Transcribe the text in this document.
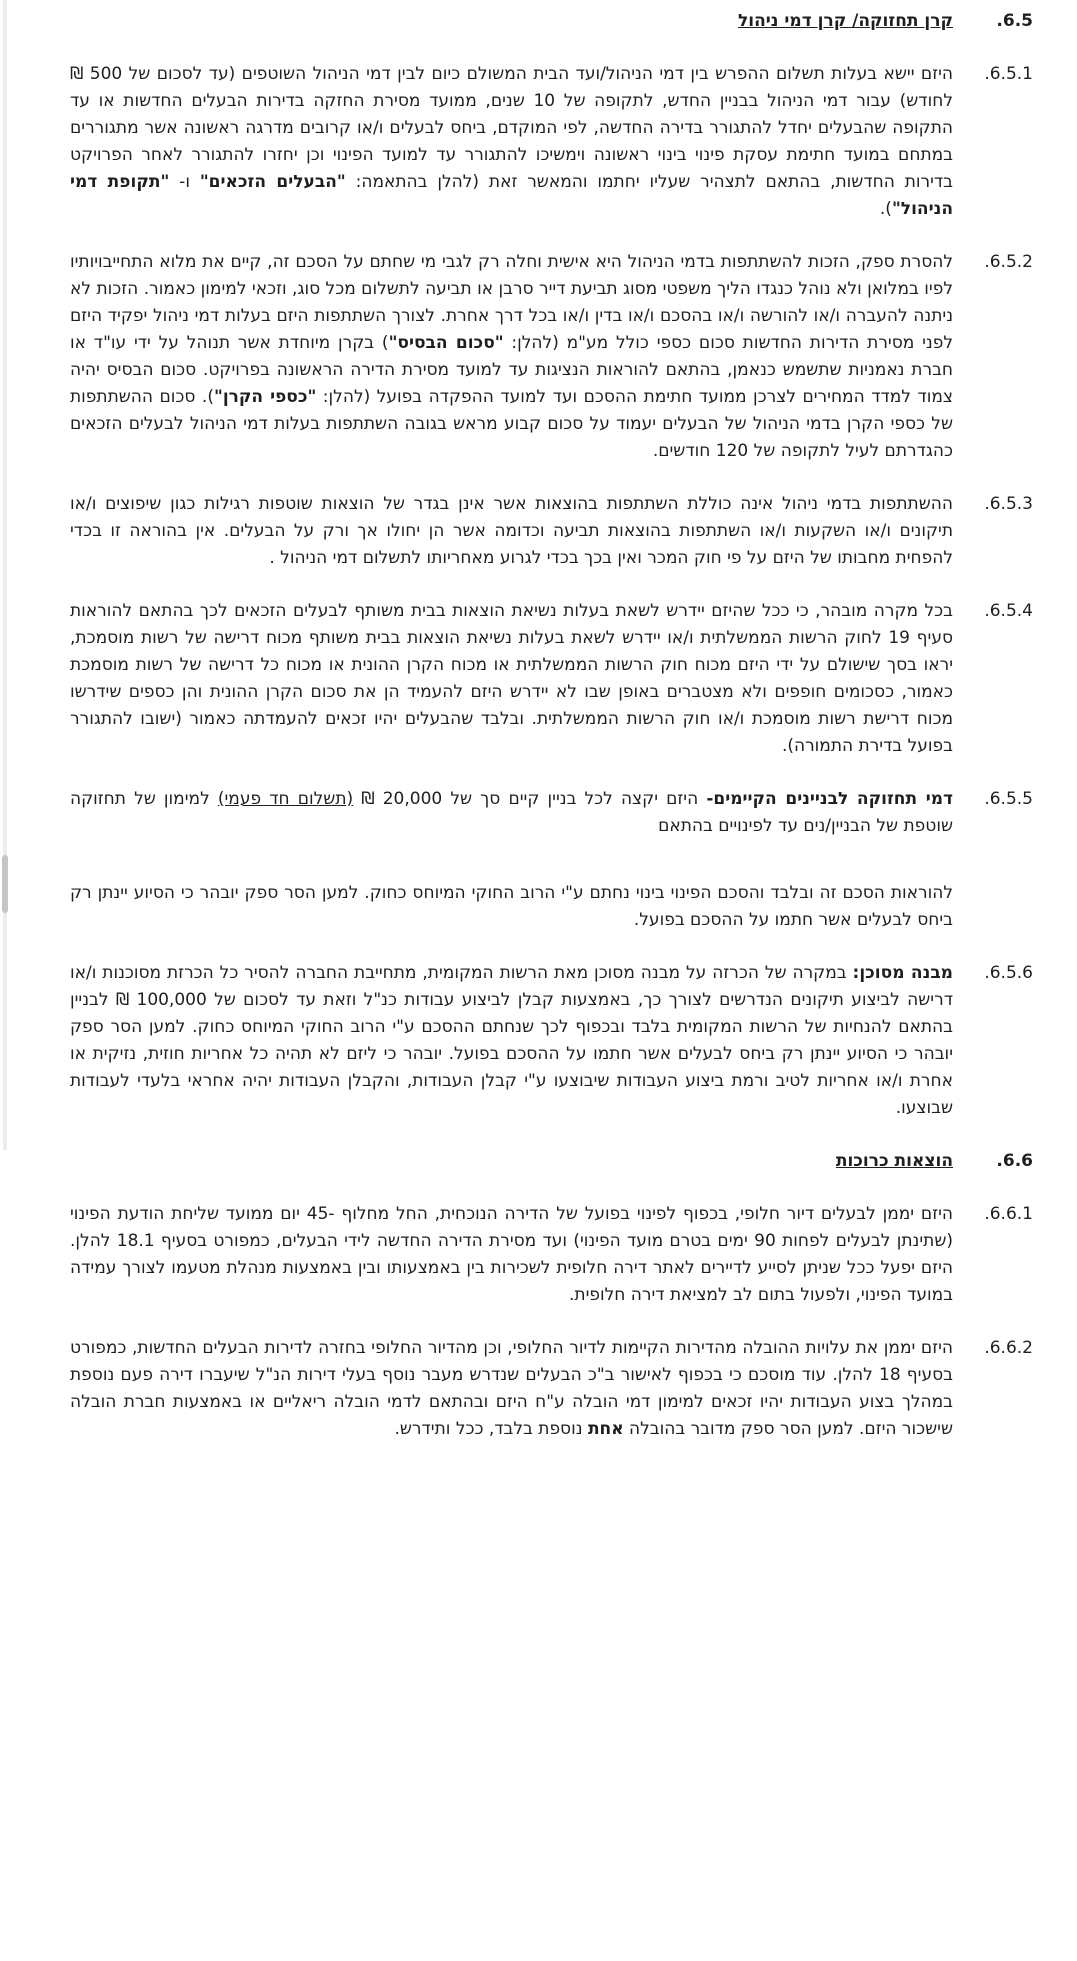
6.5.
קרן תחזוקה/ קרן דמי ניהול
6.5.1.
היזם יישא בעלות תשלום ההפרש בין דמי הניהול/ועד הבית המשולם כיום לבין דמי הניהול השוטפים (עד לסכום של 500 ₪ לחודש) עבור דמי הניהול בבניין החדש, לתקופה של 10 שנים, ממועד מסירת החזקה בדירות הבעלים החדשות או עד התקופה שהבעלים יחדל להתגורר בדירה החדשה, לפי המוקדם, ביחס לבעלים ו/או קרובים מדרגה ראשונה אשר מתגוררים במתחם במועד חתימת עסקת פינוי בינוי ראשונה וימשיכו להתגורר עד למועד הפינוי וכן יחזרו להתגורר לאחר הפרויקט בדירות החדשות, בהתאם לתצהיר שעליו יחתמו והמאשר זאת (להלן בהתאמה: "הבעלים הזכאים" ו- "תקופת דמי הניהול").
6.5.2.
להסרת ספק, הזכות להשתתפות בדמי הניהול היא אישית וחלה רק לגבי מי שחתם על הסכם זה, קיים את מלוא התחייבויותיו לפיו במלואן ולא נוהל כנגדו הליך משפטי מסוג תביעת דייר סרבן או תביעה לתשלום מכל סוג, וזכאי למימון כאמור. הזכות לא ניתנה להעברה ו/או להורשה ו/או בהסכם ו/או בדין ו/או בכל דרך אחרת. לצורך השתתפות היזם בעלות דמי ניהול יפקיד היזם לפני מסירת הדירות החדשות סכום כספי כולל מע"מ (להלן: "סכום הבסיס") בקרן מיוחדת אשר תנוהל על ידי עו"ד או חברת נאמניות שתשמש כנאמן, בהתאם להוראות הנציגות עד למועד מסירת הדירה הראשונה בפרויקט. סכום הבסיס יהיה צמוד למדד המחירים לצרכן ממועד חתימת ההסכם ועד למועד ההפקדה בפועל (להלן: "כספי הקרן"). סכום ההשתתפות של כספי הקרן בדמי הניהול של הבעלים יעמוד על סכום קבוע מראש בגובה השתתפות בעלות דמי הניהול לבעלים הזכאים כהגדרתם לעיל לתקופה של 120 חודשים.
6.5.3.
ההשתתפות בדמי ניהול אינה כוללת השתתפות בהוצאות אשר אינן בגדר של הוצאות שוטפות רגילות כגון שיפוצים ו/או תיקונים ו/או השקעות ו/או השתתפות בהוצאות תביעה וכדומה אשר הן יחולו אך ורק על הבעלים. אין בהוראה זו בכדי להפחית מחבותו של היזם על פי חוק המכר ואין בכך בכדי לגרוע מאחריותו לתשלום דמי הניהול .
6.5.4.
בכל מקרה מובהר, כי ככל שהיזם יידרש לשאת בעלות נשיאת הוצאות בבית משותף לבעלים הזכאים לכך בהתאם להוראות סעיף 19 לחוק הרשות הממשלתית ו/או יידרש לשאת בעלות נשיאת הוצאות בבית משותף מכוח דרישה של רשות מוסמכת, יראו בסך שישולם על ידי היזם מכוח חוק הרשות הממשלתית או מכוח הקרן ההונית או מכוח כל דרישה של רשות מוסמכת כאמור, כסכומים חופפים ולא מצטברים באופן שבו לא יידרש היזם להעמיד הן את סכום הקרן ההונית והן כספים שידרשו מכוח דרישת רשות מוסמכת ו/או חוק הרשות הממשלתית. ובלבד שהבעלים יהיו זכאים להעמדתה כאמור (ישובו להתגורר בפועל בדירת התמורה).
6.5.5.
דמי תחזוקה לבניינים הקיימים- היזם יקצה לכל בניין קיים סך של 20,000 ₪ (תשלום חד פעמי) למימון של תחזוקה שוטפת של הבניין/נים עד לפינויים בהתאם
להוראות הסכם זה ובלבד והסכם הפינוי בינוי נחתם ע"י הרוב החוקי המיוחס כחוק. למען הסר ספק יובהר כי הסיוע יינתן רק ביחס לבעלים אשר חתמו על ההסכם בפועל.
6.5.6.
מבנה מסוכן: במקרה של הכרזה על מבנה מסוכן מאת הרשות המקומית, מתחייבת החברה להסיר כל הכרזת מסוכנות ו/או דרישה לביצוע תיקונים הנדרשים לצורך כך, באמצעות קבלן לביצוע עבודות כנ"ל וזאת עד לסכום של 100,000 ₪ לבניין בהתאם להנחיות של הרשות המקומית בלבד ובכפוף לכך שנחתם ההסכם ע"י הרוב החוקי המיוחס כחוק. למען הסר ספק יובהר כי הסיוע יינתן רק ביחס לבעלים אשר חתמו על ההסכם בפועל. יובהר כי ליזם לא תהיה כל אחריות חוזית, נזיקית או אחרת ו/או אחריות לטיב ורמת ביצוע העבודות שיבוצעו ע"י קבלן העבודות, והקבלן העבודות יהיה אחראי בלעדי לעבודות שבוצעו.
6.6.
הוצאות כרוכות
6.6.1.
היזם יממן לבעלים דיור חלופי, בכפוף לפינוי בפועל של הדירה הנוכחית, החל מחלוף -45 יום ממועד שליחת הודעת הפינוי (שתינתן לבעלים לפחות 90 ימים בטרם מועד הפינוי) ועד מסירת הדירה החדשה לידי הבעלים, כמפורט בסעיף 18.1 להלן. היזם יפעל ככל שניתן לסייע לדיירים לאתר דירה חלופית לשכירות בין באמצעותו ובין באמצעות מנהלת מטעמו לצורך עמידה במועד הפינוי, ולפעול בתום לב למציאת דירה חלופית.
6.6.2.
היזם יממן את עלויות ההובלה מהדירות הקיימות לדיור החלופי, וכן מהדיור החלופי בחזרה לדירות הבעלים החדשות, כמפורט בסעיף 18 להלן. עוד מוסכם כי בכפוף לאישור ב"כ הבעלים שנדרש מעבר נוסף בעלי דירות הנ"ל שיעברו דירה פעם נוספת במהלך בצוע העבודות יהיו זכאים למימון דמי הובלה ע"ח היזם ובהתאם לדמי הובלה ריאליים או באמצעות חברת הובלה שישכור היזם. למען הסר ספק מדובר בהובלה אחת נוספת בלבד, ככל ותידרש.
